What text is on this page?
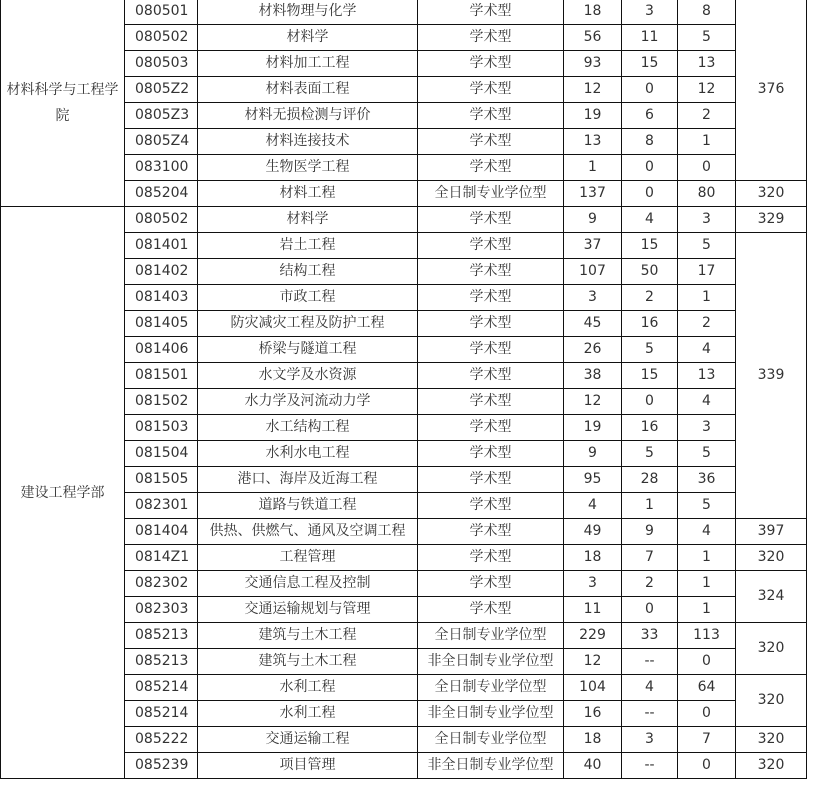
材料科学与工程学院	080501	材料物理与化学	学术型	18	3	8	376
	080502	材料学	学术型	56	11	5	
	080503	材料加工工程	学术型	93	15	13	
	0805Z2	材料表面工程	学术型	12	0	12	
	0805Z3	材料无损检测与评价	学术型	19	6	2	
	0805Z4	材料连接技术	学术型	13	8	1	
	083100	生物医学工程	学术型	1	0	0	
	085204	材料工程	全日制专业学位型	137	0	80	320
建设工程学部	080502	材料学	学术型	9	4	3	329
	081401	岩土工程	学术型	37	15	5	339
	081402	结构工程	学术型	107	50	17	
	081403	市政工程	学术型	3	2	1	
	081405	防灾减灾工程及防护工程	学术型	45	16	2	
	081406	桥梁与隧道工程	学术型	26	5	4	
	081501	水文学及水资源	学术型	38	15	13	
	081502	水力学及河流动力学	学术型	12	0	4	
	081503	水工结构工程	学术型	19	16	3	
	081504	水利水电工程	学术型	9	5	5	
	081505	港口、海岸及近海工程	学术型	95	28	36	
	082301	道路与铁道工程	学术型	4	1	5	
	081404	供热、供燃气、通风及空调工程	学术型	49	9	4	397
	0814Z1	工程管理	学术型	18	7	1	320
	082302	交通信息工程及控制	学术型	3	2	1	324
	082303	交通运输规划与管理	学术型	11	0	1	
	085213	建筑与土木工程	全日制专业学位型	229	33	113	320
	085213	建筑与土木工程	非全日制专业学位型	12	--	0	
	085214	水利工程	全日制专业学位型	104	4	64	320
	085214	水利工程	非全日制专业学位型	16	--	0	
	085222	交通运输工程	全日制专业学位型	18	3	7	320
	085239	项目管理	非全日制专业学位型	40	--	0	320
